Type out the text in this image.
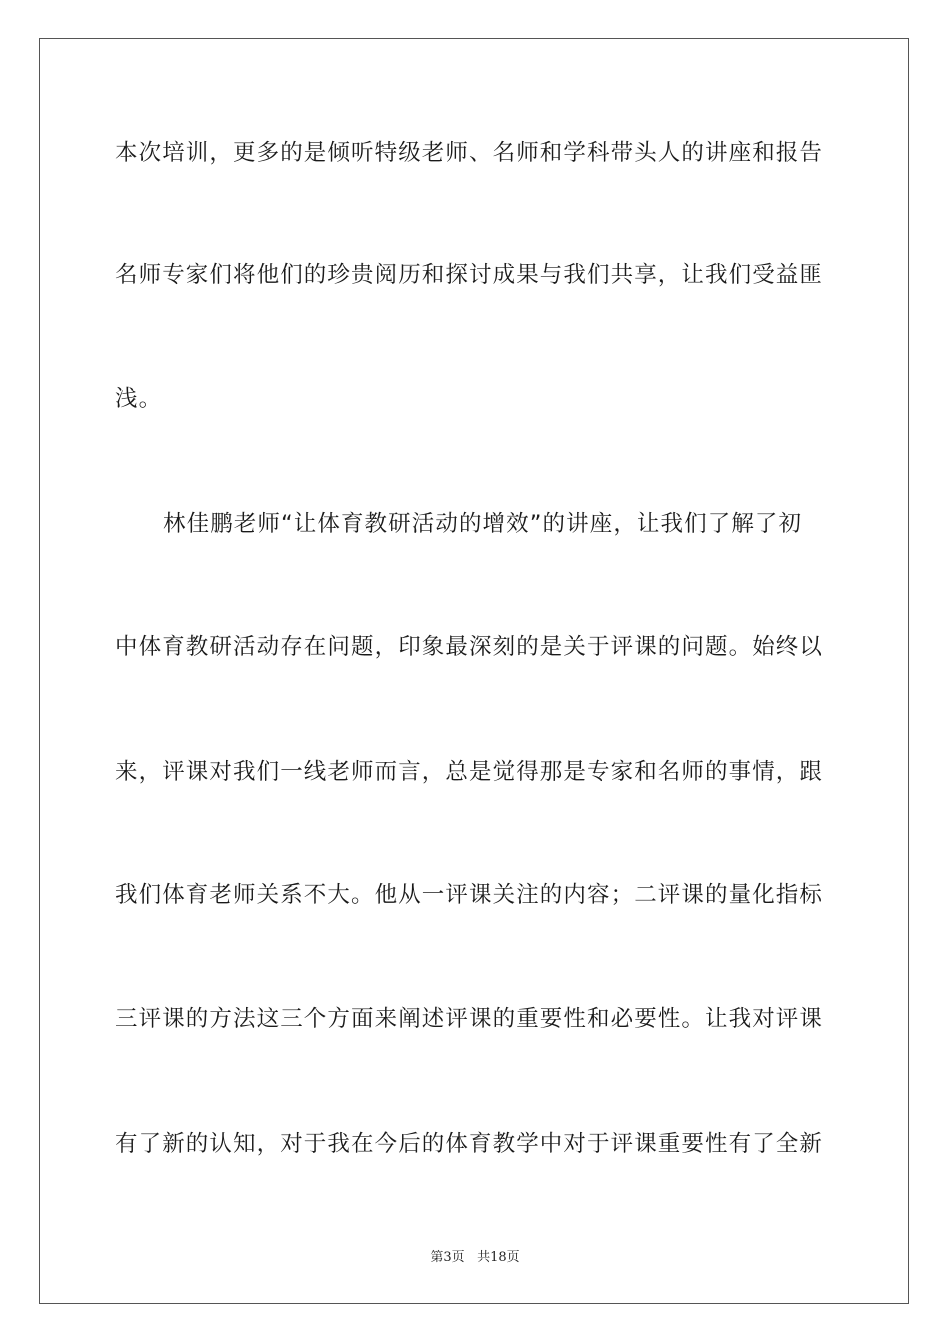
本次培训，更多的是倾听特级老师、名师和学科带头人的讲座和报告
名师专家们将他们的珍贵阅历和探讨成果与我们共享，让我们受益匪
浅。
林佳鹏老师“让体育教研活动的增效”的讲座，让我们了解了初
中体育教研活动存在问题，印象最深刻的是关于评课的问题。始终以
来，评课对我们一线老师而言，总是觉得那是专家和名师的事情，跟
我们体育老师关系不大。他从一评课关注的内容；二评课的量化指标
三评课的方法这三个方面来阐述评课的重要性和必要性。让我对评课
有了新的认知，对于我在今后的体育教学中对于评课重要性有了全新
第3页 共18页
